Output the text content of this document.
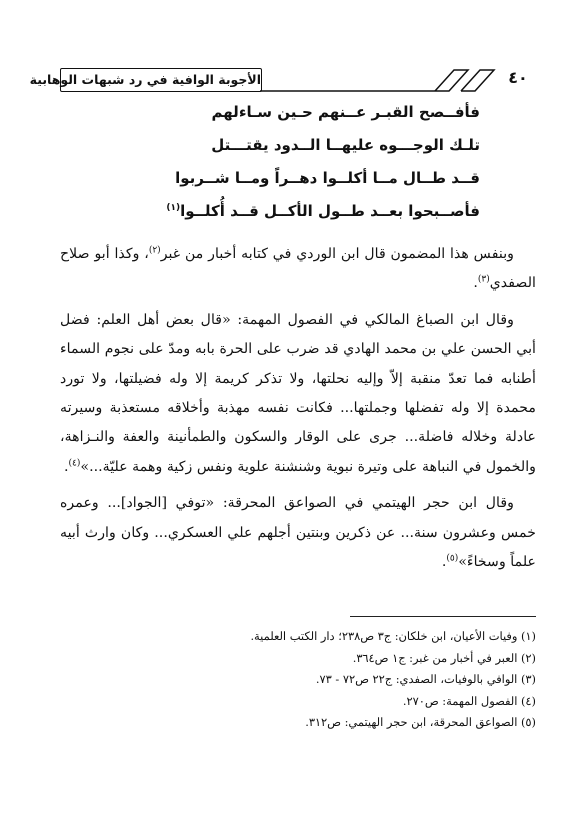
الأجوبة الوافية في رد شبهات الوهابية	٤٠
فأفــصح القبـر عــنهم حـين سـاءلهم
تلـك الوجـــوه عليهــا الــدود يقتـــتل
قــد طــال مــا أكلــوا دهــراً ومــا شــربوا
فأصــبحوا بعــد طــول الأكــل قــد أُكلــوا$^{(١)}$

وبنفس هذا المضمون قال ابن الوردي في كتابه أخبار من غبر$^{(٢)}$، وكذا أبو صلاح الصفدي$^{(٣)}$.

وقال ابن الصباغ المالكي في الفصول المهمة: «قال بعض أهل العلم: فضل أبي الحسن علي بن محمد الهادي قد ضرب على الحرة بابه ومدّ على نجوم السماء أطنابه فما تعدّ منقبة إلاّ وإليه نحلتها، ولا تذكر كريمة إلا وله فضيلتها، ولا تورد محمدة إلا وله تفضلها وجملتها... فكانت نفسه مهذبة وأخلاقه مستعذبة وسيرته عادلة وخلاله فاضلة... جرى على الوقار والسكون والطمأنينة والعفة والنـزاهة، والخمول في النباهة على وتيرة نبوية وشنشنة علوية ونفس زكية وهمة عليّة...»$^{(٤)}$.

وقال ابن حجر الهيتمي في الصواعق المحرقة: «توفي [الجواد]... وعمره خمس وعشرون سنة... عن ذكرين وبنتين أجلهم علي العسكري... وكان وارث أبيه علماً وسخاءً»$^{(٥)}$.

(١) وفيات الأعيان، ابن خلكان: ج٣ ص٢٣٨؛ دار الكتب العلمية.
(٢) العبر في أخبار من غبر: ج١ ص٣٦٤.
(٣) الوافي بالوفيات، الصفدي: ج٢٢ ص٧٢ - ٧٣.
(٤) الفصول المهمة: ص٢٧٠.
(٥) الصواعق المحرقة، ابن حجر الهيتمي: ص٣١٢.
